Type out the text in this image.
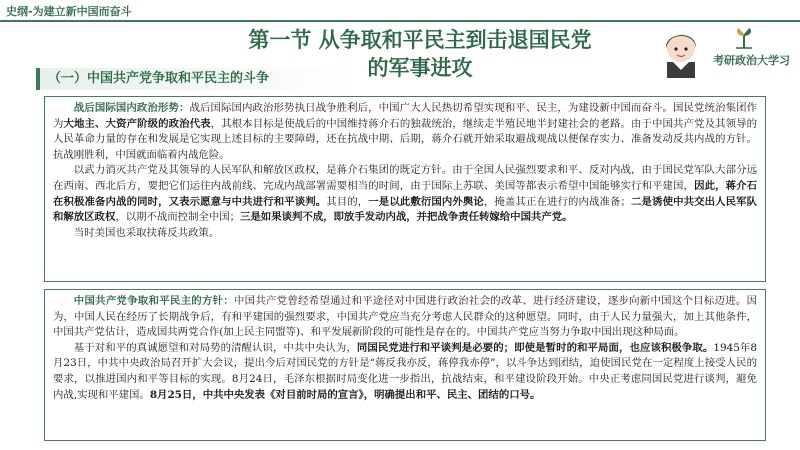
史纲-为建立新中国而奋斗
第一节 从争取和平民主到击退国民党
的军事进攻	考研政治大学习
（一）中国共产党争取和平民主的斗争

战后国际国内政治形势：战后国际国内政治形势执日战争胜利后，中国广大人民热切希望实现和平、民主，为建设新中国而奋斗。国民党统治集团作为大地主、大资产阶级的政治代表，其根本目标是使战后的中国维持蒋介石的独裁统治，继续走半殖民地半封建社会的老路。由于中国共产党及其领导的人民革命力量的存在和发展是它实现上述目标的主要障碍，还在抗战中期、后期，蒋介石就开始采取避战观战以便保存实力、准备发动反共内战的方针。抗战刚胜利，中国就面临着内战危险。

以武力消灭共产党及其领导的人民军队和解放区政权，是蒋介石集团的既定方针。由于全国人民强烈要求和平、反对内战，由于国民党军队大部分远在西南、西北后方，要把它们运往内战前线、完成内战部署需要相当的时间，由于国际上苏联、美国等都表示希望中国能够实行和平建国，因此，蒋介石在积极准备内战的同时，又表示愿意与中共进行和平谈判。其目的，一是以此敷衍国内外舆论，掩盖其正在进行的内战准备；二是诱使中共交出人民军队和解放区政权，以期不战而控制全中国；三是如果谈判不成，即放手发动内战，并把战争责任转嫁给中国共产党。

当时美国也采取扶蒋反共政策。

中国共产党争取和平民主的方针：中国共产党曾经希望通过和平途径对中国进行政治社会的改革、进行经济建设，逐步向新中国这个目标迈进。因为，中国人民在经历了长期战争后，有和平建国的强烈要求，中国共产党应当充分考虑人民群众的这种愿望。同时，由于人民力量强大，加上其他条件，中国共产党估计，造成国共两党合作(加上民主同盟等)、和平发展新阶段的可能性是存在的。中国共产党应当努力争取中国出现这种局面。

基于对和平的真诚愿望和对局势的清醒认识，中共中央认为，同国民党进行和平谈判是必要的；即使是暂时的和平局面，也应该积极争取。1945年8月23日，中共中央政治局召开扩大会议，提出今后对国民党的方针是“蒋反我亦反，蒋停我亦停”，以斗争达到团结，迫使国民党在一定程度上接受人民的要求，以推进国内和平等目标的实现。8月24日，毛泽东根据时局变化进一步指出，抗战结束，和平建设阶段开始。中央正考虑同国民党进行谈判，避免内战,实现和平建国。8月25日，中共中央发表《对目前时局的宣言》，明确提出和平、民主、团结的口号。
